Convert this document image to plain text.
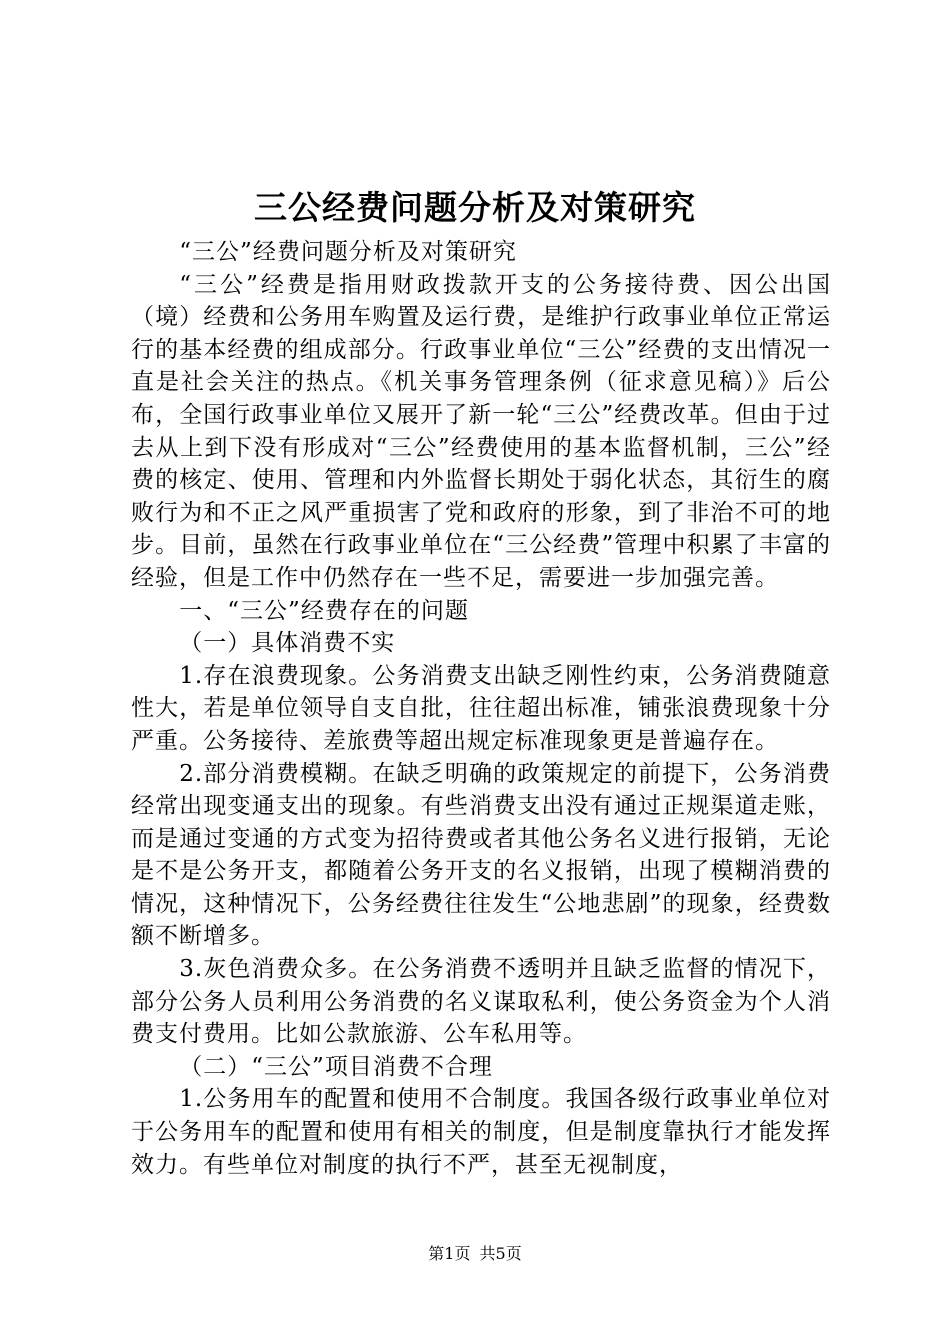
三公经费问题分析及对策研究

“三公”经费问题分析及对策研究

“三公”经费是指用财政拨款开支的公务接待费、因公出国（境）经费和公务用车购置及运行费，是维护行政事业单位正常运行的基本经费的组成部分。行政事业单位“三公”经费的支出情况一直是社会关注的热点。《机关事务管理条例（征求意见稿）》后公布，全国行政事业单位又展开了新一轮“三公”经费改革。但由于过去从上到下没有形成对“三公”经费使用的基本监督机制，三公”经费的核定、使用、管理和内外监督长期处于弱化状态，其衍生的腐败行为和不正之风严重损害了党和政府的形象，到了非治不可的地步。目前，虽然在行政事业单位在“三公经费”管理中积累了丰富的经验，但是工作中仍然存在一些不足，需要进一步加强完善。

一、“三公”经费存在的问题

（一）具体消费不实

1.存在浪费现象。公务消费支出缺乏刚性约束，公务消费随意性大，若是单位领导自支自批，往往超出标准，铺张浪费现象十分严重。公务接待、差旅费等超出规定标准现象更是普遍存在。

2.部分消费模糊。在缺乏明确的政策规定的前提下，公务消费经常出现变通支出的现象。有些消费支出没有通过正规渠道走账，而是通过变通的方式变为招待费或者其他公务名义进行报销，无论是不是公务开支，都随着公务开支的名义报销，出现了模糊消费的情况，这种情况下，公务经费往往发生“公地悲剧”的现象，经费数额不断增多。

3.灰色消费众多。在公务消费不透明并且缺乏监督的情况下，部分公务人员利用公务消费的名义谋取私利，使公务资金为个人消费支付费用。比如公款旅游、公车私用等。

（二）“三公”项目消费不合理

1.公务用车的配置和使用不合制度。我国各级行政事业单位对于公务用车的配置和使用有相关的制度，但是制度靠执行才能发挥效力。有些单位对制度的执行不严，甚至无视制度，

第1页 共5页
